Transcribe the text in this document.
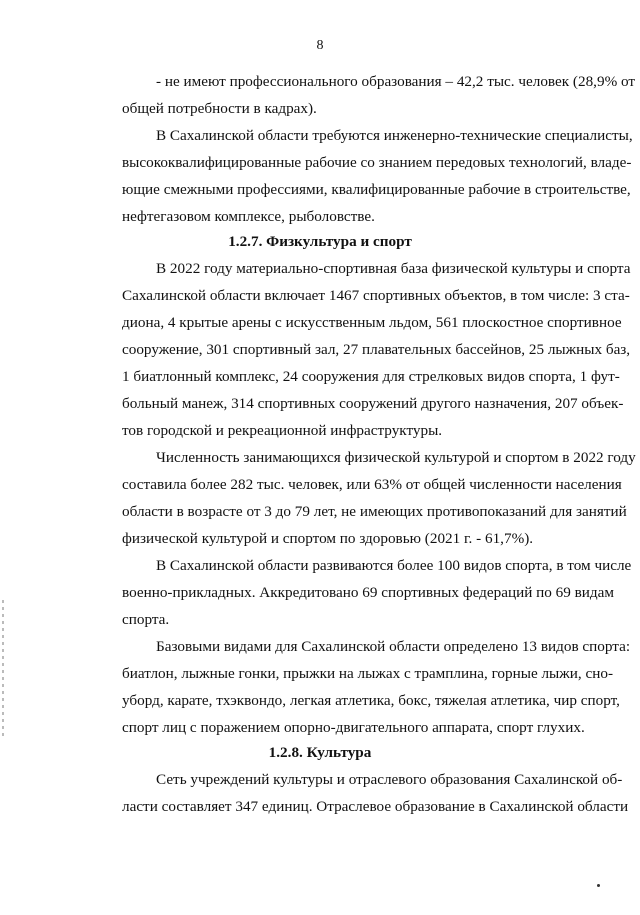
8
- не имеют профессионального образования – 42,2 тыс. человек (28,9% от
общей потребности в кадрах).
В Сахалинской области требуются инженерно-технические специалисты,
высококвалифицированные рабочие со знанием передовых технологий, владе-
ющие смежными профессиями, квалифицированные рабочие в строительстве,
нефтегазовом комплексе, рыболовстве.
1.2.7. Физкультура и спорт
В 2022 году материально-спортивная база физической культуры и спорта
Сахалинской области включает 1467 спортивных объектов, в том числе: 3 ста-
диона, 4 крытые арены с искусственным льдом, 561 плоскостное спортивное
сооружение, 301 спортивный зал, 27 плавательных бассейнов, 25 лыжных баз,
1 биатлонный комплекс, 24 сооружения для стрелковых видов спорта, 1 фут-
больный манеж, 314 спортивных сооружений другого назначения, 207 объек-
тов городской и рекреационной инфраструктуры.
Численность занимающихся физической культурой и спортом в 2022 году
составила более 282 тыс. человек, или 63% от общей численности населения
области в возрасте от 3 до 79 лет, не имеющих противопоказаний для занятий
физической культурой и спортом по здоровью (2021 г. - 61,7%).
В Сахалинской области развиваются более 100 видов спорта, в том числе
военно-прикладных. Аккредитовано 69 спортивных федераций по 69 видам
спорта.
Базовыми видами для Сахалинской области определено 13 видов спорта:
биатлон, лыжные гонки, прыжки на лыжах с трамплина, горные лыжи, сно-
уборд, карате, тхэквондо, легкая атлетика, бокс, тяжелая атлетика, чир спорт,
спорт лиц с поражением опорно-двигательного аппарата, спорт глухих.
1.2.8. Культура
Сеть учреждений культуры и отраслевого образования Сахалинской об-
ласти составляет 347 единиц. Отраслевое образование в Сахалинской области
